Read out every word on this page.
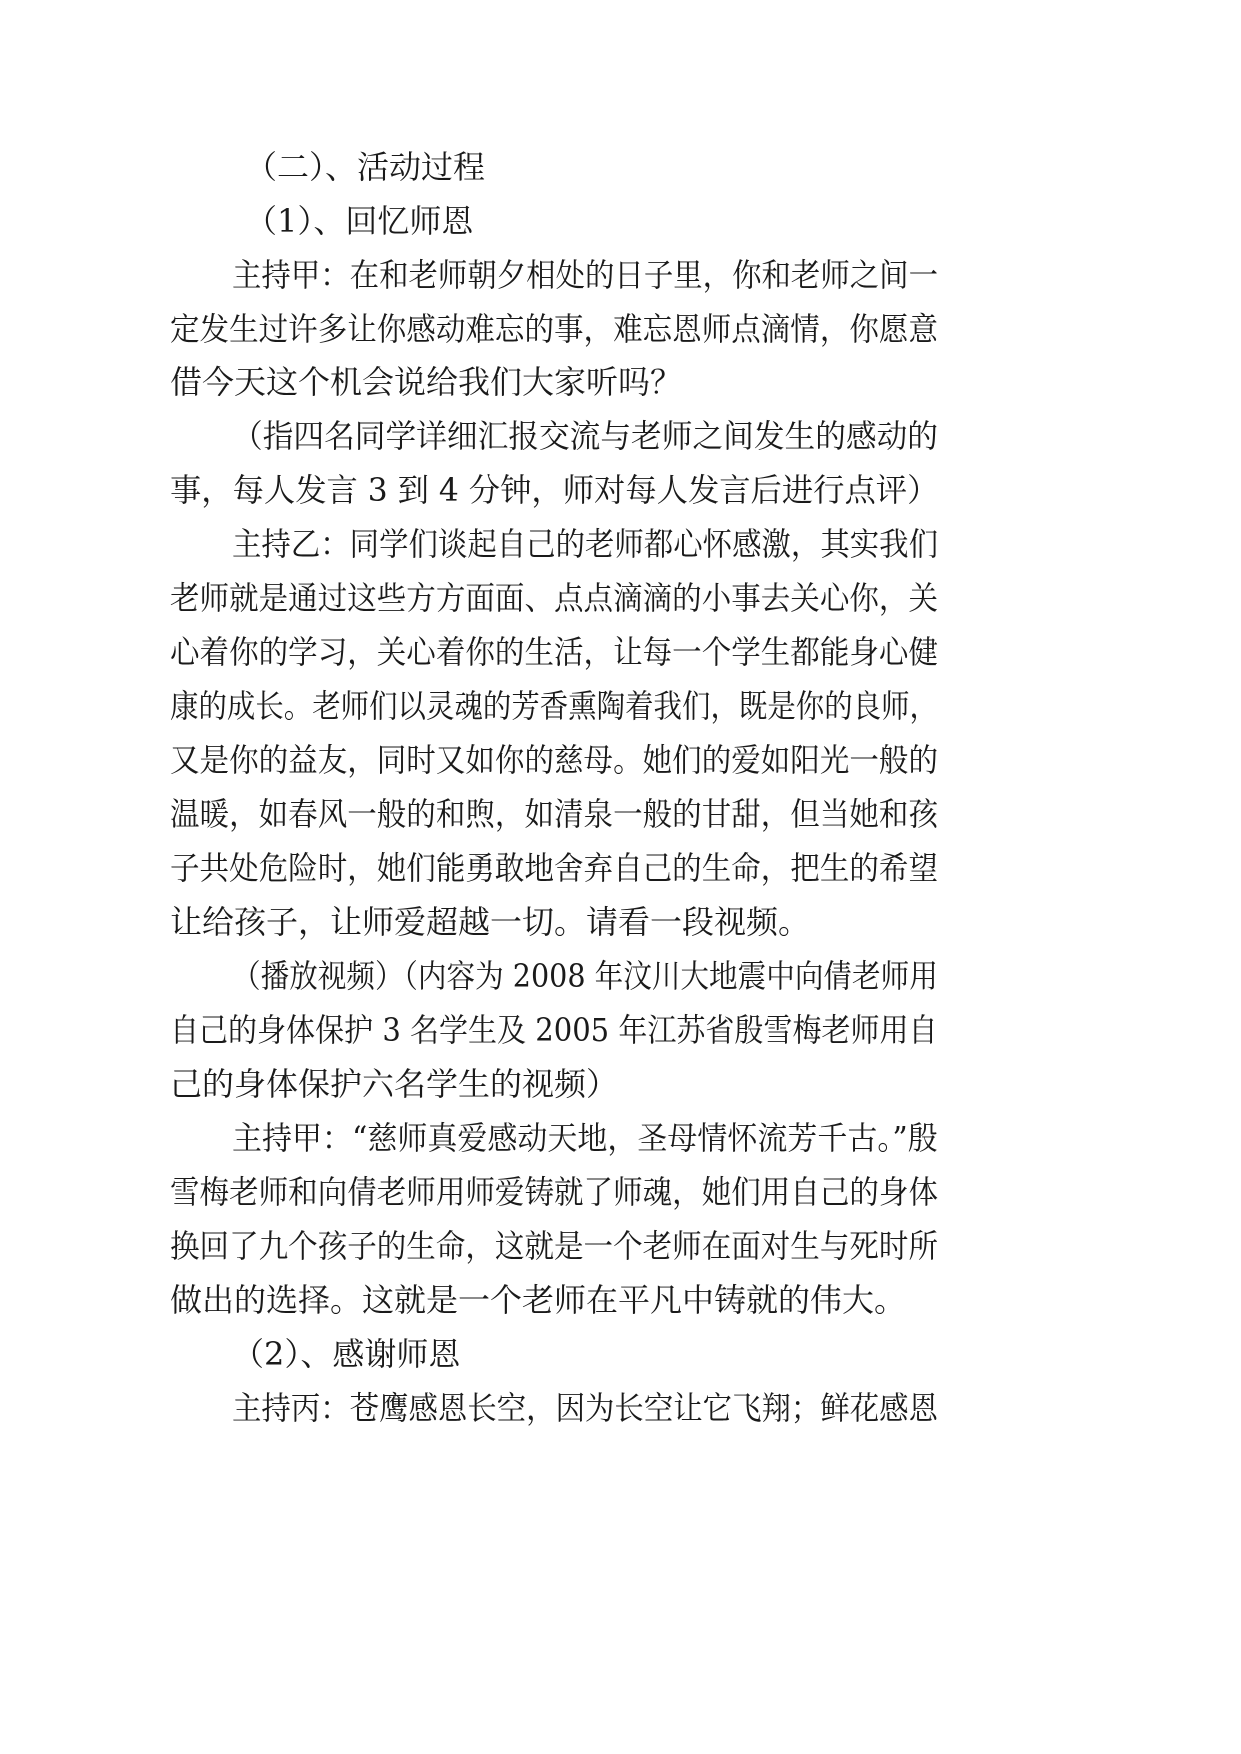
（二）、活动过程

（1）、回忆师恩

主持甲：在和老师朝夕相处的日子里，你和老师之间一

定发生过许多让你感动难忘的事，难忘恩师点滴情，你愿意

借今天这个机会说给我们大家听吗？

（指四名同学详细汇报交流与老师之间发生的感动的

事，每人发言 3 到 4 分钟，师对每人发言后进行点评）

主持乙：同学们谈起自己的老师都心怀感激，其实我们

老师就是通过这些方方面面、点点滴滴的小事去关心你，关

心着你的学习，关心着你的生活，让每一个学生都能身心健

康的成长。老师们以灵魂的芳香熏陶着我们，既是你的良师，

又是你的益友，同时又如你的慈母。她们的爱如阳光一般的

温暖，如春风一般的和煦，如清泉一般的甘甜，但当她和孩

子共处危险时，她们能勇敢地舍弃自己的生命，把生的希望

让给孩子，让师爱超越一切。请看一段视频。

（播放视频）（内容为 2008 年汶川大地震中向倩老师用

自己的身体保护 3 名学生及 2005 年江苏省殷雪梅老师用自

己的身体保护六名学生的视频）

主持甲：“慈师真爱感动天地，圣母情怀流芳千古。”殷

雪梅老师和向倩老师用师爱铸就了师魂，她们用自己的身体

换回了九个孩子的生命，这就是一个老师在面对生与死时所

做出的选择。这就是一个老师在平凡中铸就的伟大。

（2）、感谢师恩

主持丙：苍鹰感恩长空，因为长空让它飞翔；鲜花感恩
